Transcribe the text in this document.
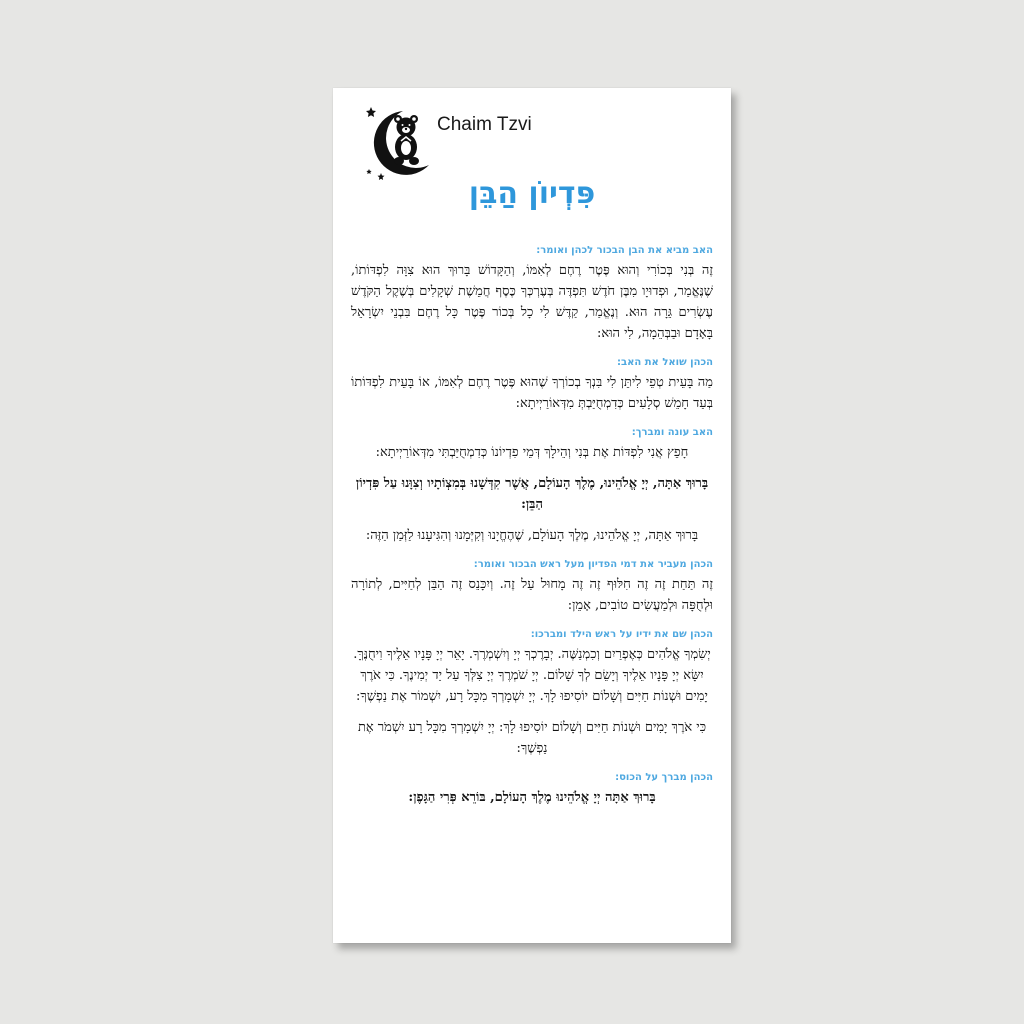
Chaim Tzvi
פִּדְיוֹן הַבֵּן

האב מביא את הבן הבכור לכהן ואומר:

זֶה בְּנִי בְּכוֹרִי וְהוּא פֶּטֶר רֶחֶם לְאִמּוֹ, וְהַקָּדוֹשׁ בָּרוּךְ הוּא צִוָּה לִפְדּוֹתוֹ, שֶׁנֶּאֱמַר, וּפְדוּיָו מִבֶּן חֹדֶשׁ תִּפְדֶּה בְּעֶרְכְּךָ כֶּסֶף חֲמֵשֶׁת שְׁקָלִים בְּשֶׁקֶל הַקֹּדֶשׁ עֶשְׂרִים גֵּרָה הוּא. וְנֶאֱמַר, קַדֶּשׁ לִי כָל בְּכוֹר פֶּטֶר כָּל רֶחֶם בִּבְנֵי יִשְׂרָאֵל בָּאָדָם וּבַבְּהֵמָה, לִי הוּא:

הכהן שואל את האב:

מַה בָּעֵית טְפֵי לִיתֵּן לִי בִּנְךָ בְכוֹרְךָ שֶׁהוּא פֶּטֶר רֶחֶם לְאִמּוֹ, אוֹ בָּעֵית לִפְדּוֹתוֹ בְּעַד חָמֵשׁ סְלָעִים כְּדִמְחֻיַּבְתְּ מִדְּאוֹרַיְיתָא:

האב עונה ומברך:

חָפֵץ אֲנִי לִפְדּוֹת אֶת בְּנִי וְהֵילָךְ דְּמֵי פִדְיוֹנוֹ כְּדִמְחֻיַּבְתִּי מִדְּאוֹרַיְיתָא:

בָּרוּךְ אַתָּה, יְיָ אֱלֹהֵינוּ, מֶלֶךְ הָעוֹלָם, אֲשֶׁר קִדְּשָׁנוּ בְּמִצְוֹתָיו וְצִוָּנוּ עַל פִּדְיוֹן הַבֵּן:

בָּרוּךְ אַתָּה, יְיָ אֱלֹהֵינוּ, מֶלֶךְ הָעוֹלָם, שֶׁהֶחֱיָנוּ וְקִיְּמָנוּ וְהִגִּיעָנוּ לַזְּמַן הַזֶּה:

הכהן מעביר את דמי הפדיון מעל ראש הבכור ואומר:

זֶה תַּחַת זֶה זֶה חִלּוּף זֶה זֶה מָחוּל עַל זֶה. וְיִכָּנֵס זֶה הַבֵּן לְחַיִּים, לְתוֹרָה וּלְחֻפָּה וּלְמַעֲשִׂים טוֹבִים, אָמֵן:

הכהן שם את ידיו על ראש הילד ומברכו:

יְשִׂמְךָ אֱלֹהִים כְּאֶפְרַיִם וְכִמְנַשֶּׁה. יְבָרֶכְךָ יְיָ וְיִשְׁמְרֶךָ. יָאֵר יְיָ פָּנָיו אֵלֶיךָ וִיחֻנֶּךָּ. יִשָּׂא יְיָ פָּנָיו אֵלֶיךָ וְיָשֵׂם לְךָ שָׁלוֹם. יְיָ שֹׁמְרֶךָ יְיָ צִלְּךָ עַל יַד יְמִינֶךָ. כִּי אֹרֶךְ יָמִים וּשְׁנוֹת חַיִּים וְשָׁלוֹם יוֹסִיפוּ לָךְ. יְיָ יִשְׁמָרְךָ מִכָּל רָע, יִשְׁמוֹר אֶת נַפְשֶׁךָ:

כִּי אֹרֶךְ יָמִים וּשְׁנוֹת חַיִּים וְשָׁלוֹם יוֹסִיפוּ לָךְ: יְיָ יִשְׁמָרְךָ מִכָּל רָע יִשְׁמֹר אֶת נַפְשֶׁךָ:

הכהן מברך על הכוס:

בָּרוּךְ אַתָּה יְיָ אֱלֹהֵינוּ מֶלֶךְ הָעוֹלָם, בּוֹרֵא פְּרִי הַגָּפֶן:
